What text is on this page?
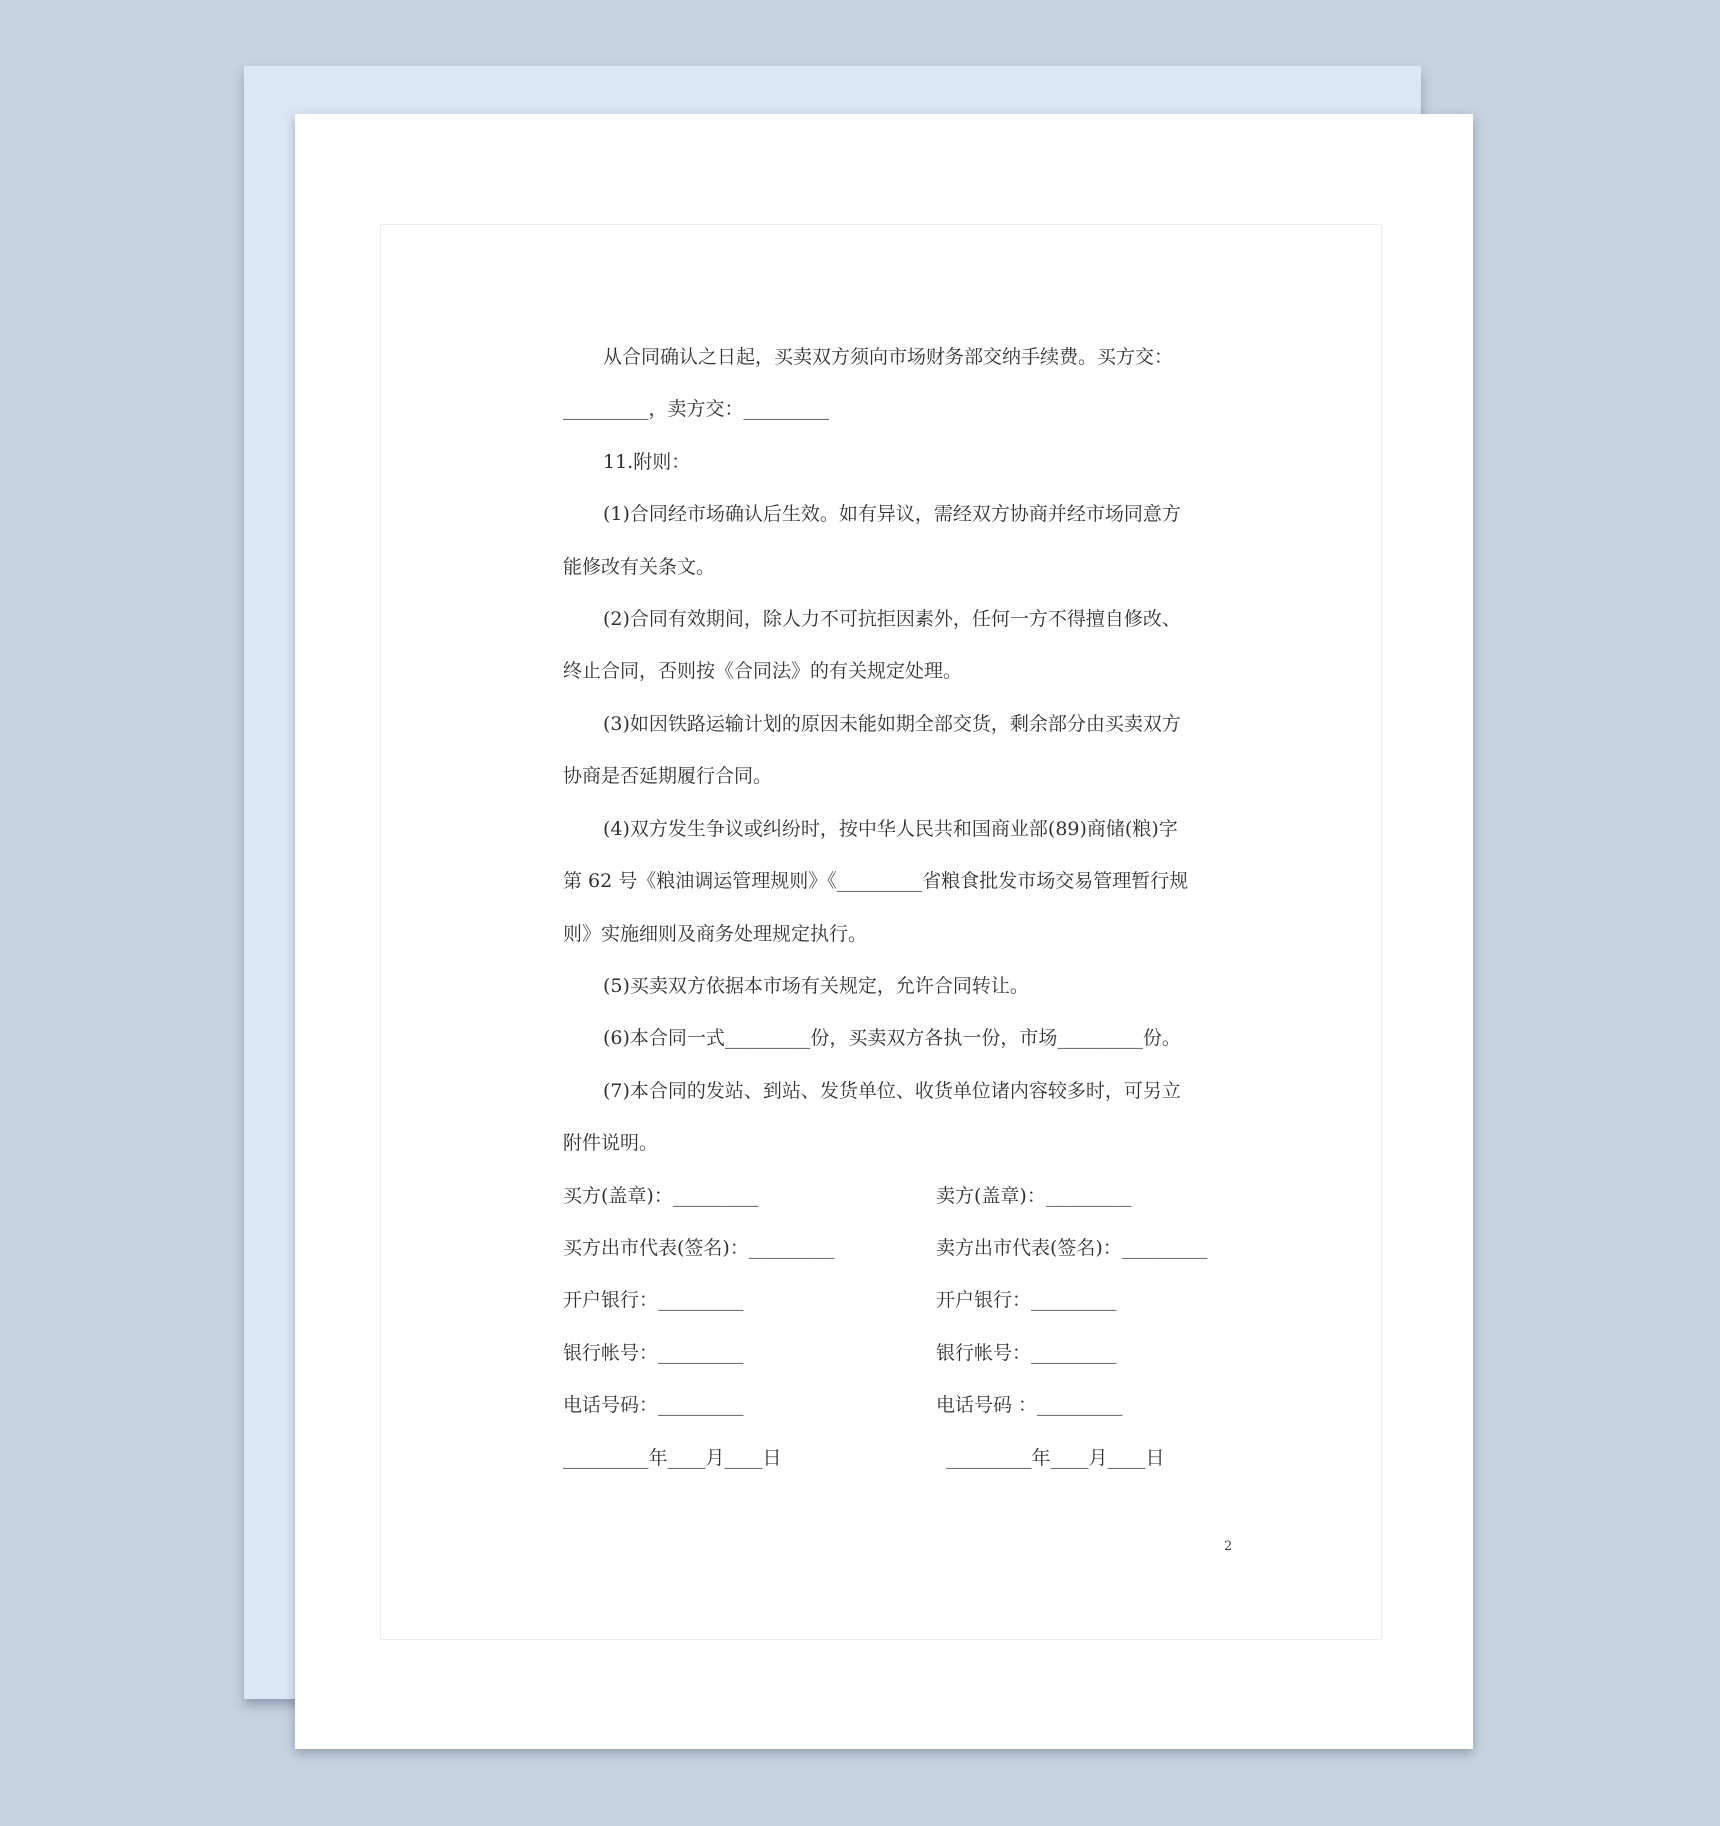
从合同确认之日起，买卖双方须向市场财务部交纳手续费。买方交：
_________，卖方交：_________
11.附则：
(1)合同经市场确认后生效。如有异议，需经双方协商并经市场同意方
能修改有关条文。
(2)合同有效期间，除人力不可抗拒因素外，任何一方不得擅自修改、
终止合同，否则按《合同法》的有关规定处理。
(3)如因铁路运输计划的原因未能如期全部交货，剩余部分由买卖双方
协商是否延期履行合同。
(4)双方发生争议或纠纷时，按中华人民共和国商业部(89)商储(粮)字
第 62 号《粮油调运管理规则》《_________省粮食批发市场交易管理暂行规
则》实施细则及商务处理规定执行。
(5)买卖双方依据本市场有关规定，允许合同转让。
(6)本合同一式_________份，买卖双方各执一份，市场_________份。
(7)本合同的发站、到站、发货单位、收货单位诸内容较多时，可另立
附件说明。
买方(盖章)：_________
买方出市代表(签名)：_________
开户银行：_________
银行帐号：_________
电话号码：_________
_________年____月____日
卖方(盖章)：_________
卖方出市代表(签名)：_________
开户银行：_________
银行帐号：_________
电话号码 ：_________
_________年____月____日
2
